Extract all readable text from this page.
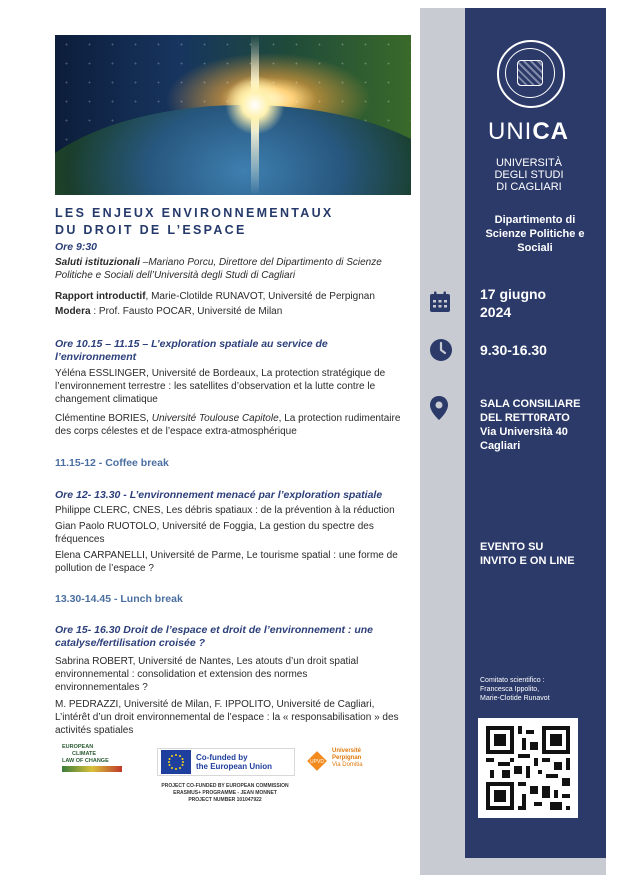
LES ENJEUX ENVIRONNEMENTAUX
DU DROIT DE L’ESPACE
Ore 9:30
Saluti istituzionali –Mariano Porcu, Direttore del Dipartimento di Scienze Politiche e Sociali dell’Università degli Studi di Cagliari
Rapport introductif, Marie-Clotilde RUNAVOT, Université de Perpignan
Modera : Prof. Fausto POCAR, Université de Milan
Ore 10.15 – 11.15 – L’exploration spatiale au service de l’environnement
Yéléna ESSLINGER, Université de Bordeaux, La protection stratégique de l’environnement terrestre : les satellites d’observation et la lutte contre le changement climatique
Clémentine BORIES, Université Toulouse Capitole, La protection rudimentaire des corps célestes et de l’espace extra-atmosphérique
11.15-12 - Coffee break
Ore 12- 13.30 - L’environnement menacé par l’exploration spatiale
Philippe CLERC, CNES, Les débris spatiaux : de la prévention à la réduction
Gian Paolo RUOTOLO, Université de Foggia, La gestion du spectre des fréquences
Elena CARPANELLI, Université de Parme, Le tourisme spatial : une forme de pollution de l’espace ?
13.30-14.45 - Lunch break
Ore 15- 16.30 Droit de l’espace et droit de l’environnement : une catalyse/fertilisation croisée ?
Sabrina ROBERT, Université de Nantes, Les atouts d’un droit spatial environnemental : consolidation et extension des normes environnementales ?
M. PEDRAZZI, Université de Milan, F. IPPOLITO, Université de Cagliari, L’intérêt d’un droit environnemental de l’espace : la « responsabilisation » des activités spatiales
EUROPEAN
CLIMATE
LAW OF CHANGE	Co-funded by
the European Union	UPVD
Université
Perpignan
Via Domitia
PROJECT CO-FUNDED BY EUROPEAN COMMISSION
ERASMUS+ PROGRAMME - JEAN MONNET
PROJECT NUMBER 101047922
UNICA
UNIVERSITÀ
DEGLI STUDI
DI CAGLIARI
Dipartimento di Scienze Politiche e Sociali
17 giugno
2024
9.30-16.30
SALA CONSILIARE
DEL RETT0RATO
Via Università 40
Cagliari
EVENTO SU
INVITO E ON LINE
Comitato scientifico :
Francesca Ippolito,
Marie-Clotide Runavot
